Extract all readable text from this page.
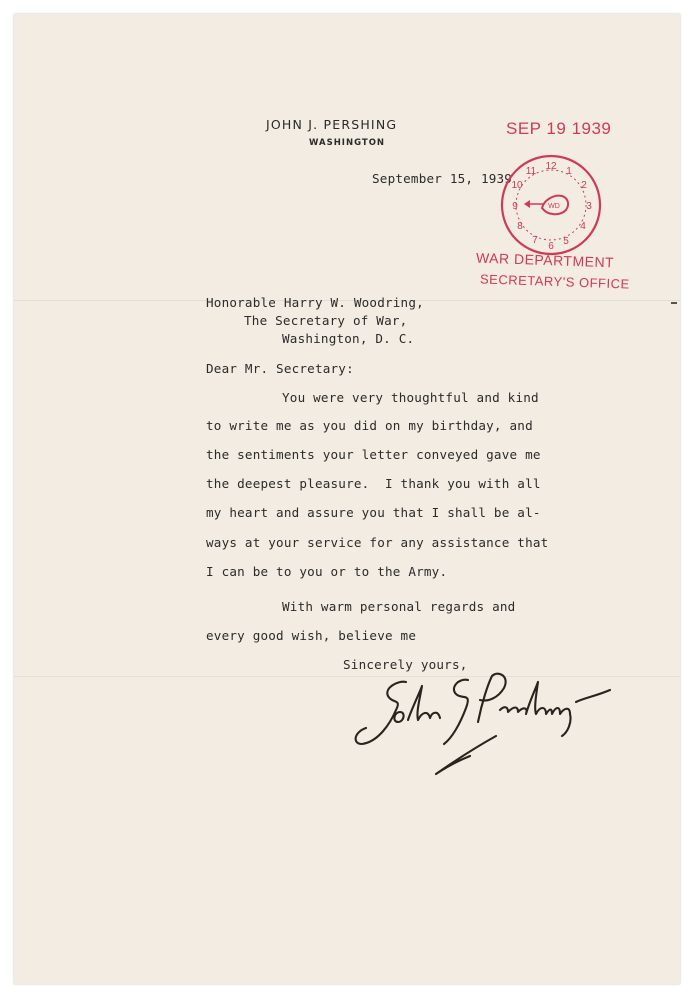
JOHN J. PERSHING
WASHINGTON
September 15, 1939
SEP 19 1939
12 1
2
3
4
5
6
7
8
9
10
11
WD
WAR DEPARTMENT
SECRETARY'S OFFICE
Honorable Harry W. Woodring,
The Secretary of War,
Washington, D. C.
Dear Mr. Secretary:
You were very thoughtful and kind
to write me as you did on my birthday, and
the sentiments your letter conveyed gave me
the deepest pleasure.  I thank you with all
my heart and assure you that I shall be al-
ways at your service for any assistance that
I can be to you or to the Army.
With warm personal regards and
every good wish, believe me
Sincerely yours,
